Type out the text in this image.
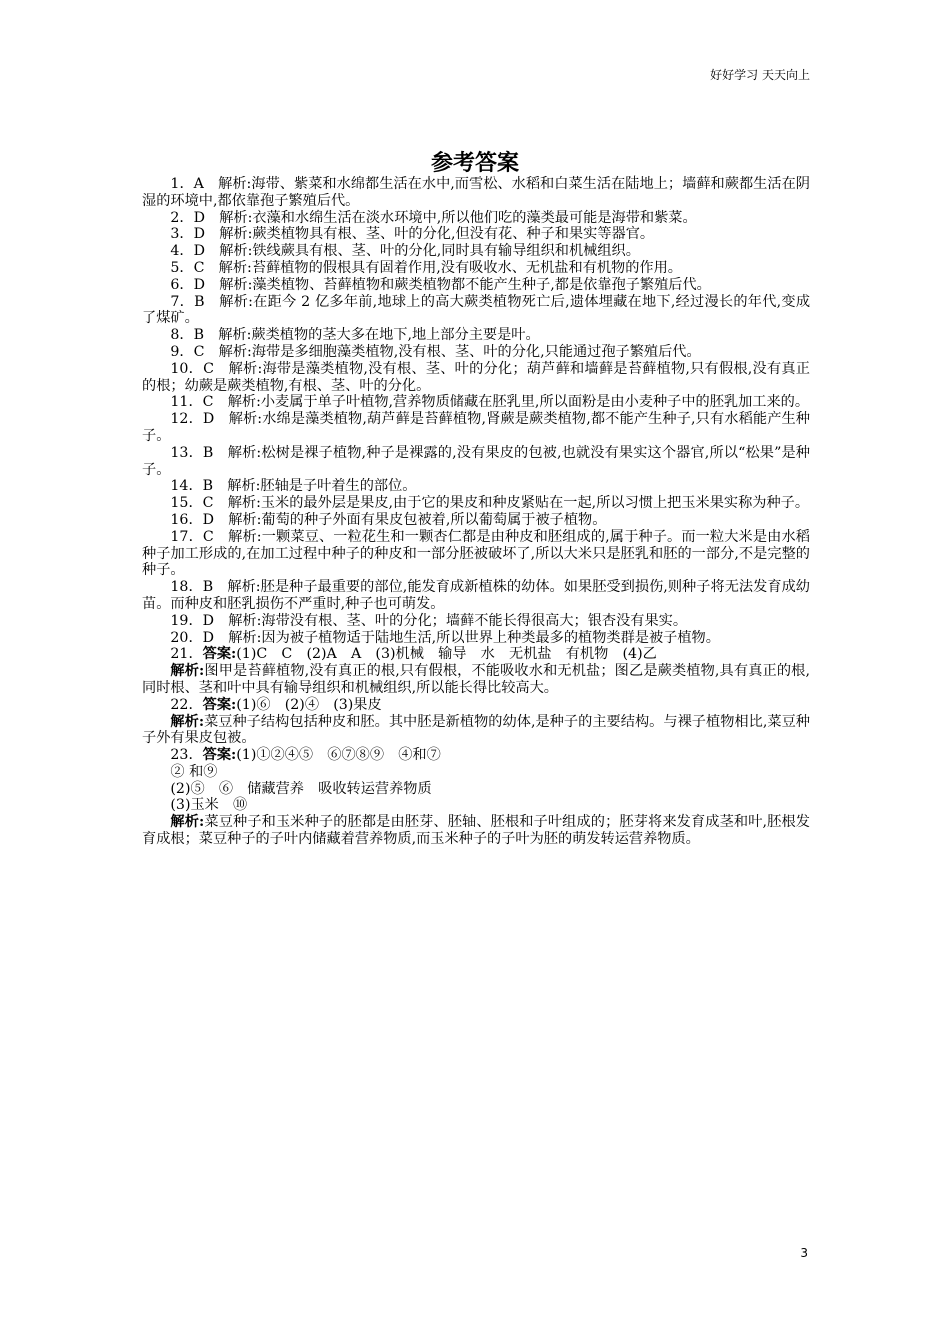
好好学习 天天向上
参考答案

1．A　 解析:海带、紫菜和水绵都生活在水中,而雪松、水稻和白菜生活在陆地上；墙藓和蕨都生活在阴湿的环境中,都依靠孢子繁殖后代。

2．D　 解析:衣藻和水绵生活在淡水环境中,所以他们吃的藻类最可能是海带和紫菜。

3．D　 解析:蕨类植物具有根、茎、叶的分化,但没有花、种子和果实等器官。

4．D　 解析:铁线蕨具有根、茎、叶的分化,同时具有输导组织和机械组织。

5．C　 解析:苔藓植物的假根具有固着作用,没有吸收水、无机盐和有机物的作用。

6．D　 解析:藻类植物、苔藓植物和蕨类植物都不能产生种子,都是依靠孢子繁殖后代。

7．B　 解析:在距今 2 亿多年前,地球上的高大蕨类植物死亡后,遗体埋藏在地下,经过漫长的年代,变成了煤矿。

8．B　 解析:蕨类植物的茎大多在地下,地上部分主要是叶。

9．C　 解析:海带是多细胞藻类植物,没有根、茎、叶的分化,只能通过孢子繁殖后代。

10．C　 解析:海带是藻类植物,没有根、茎、叶的分化；葫芦藓和墙藓是苔藓植物,只有假根,没有真正的根；幼蕨是蕨类植物,有根、茎、叶的分化。

11．C　 解析:小麦属于单子叶植物,营养物质储藏在胚乳里,所以面粉是由小麦种子中的胚乳加工来的。

12．D　 解析:水绵是藻类植物,葫芦藓是苔藓植物,肾蕨是蕨类植物,都不能产生种子,只有水稻能产生种子。

13．B　 解析:松树是裸子植物,种子是裸露的,没有果皮的包被,也就没有果实这个器官,所以“松果”是种子。

14．B　 解析:胚轴是子叶着生的部位。

15．C　 解析:玉米的最外层是果皮,由于它的果皮和种皮紧贴在一起,所以习惯上把玉米果实称为种子。

16．D　 解析:葡萄的种子外面有果皮包被着,所以葡萄属于被子植物。

17．C　 解析:一颗菜豆、一粒花生和一颗杏仁都是由种皮和胚组成的,属于种子。而一粒大米是由水稻种子加工形成的,在加工过程中种子的种皮和一部分胚被破坏了,所以大米只是胚乳和胚的一部分,不是完整的种子。

18．B　 解析:胚是种子最重要的部位,能发育成新植株的幼体。如果胚受到损伤,则种子将无法发育成幼苗。而种皮和胚乳损伤不严重时,种子也可萌发。

19．D　 解析:海带没有根、茎、叶的分化；墙藓不能长得很高大；银杏没有果实。

20．D　 解析:因为被子植物适于陆地生活,所以世界上种类最多的植物类群是被子植物。

21．答案:(1)C　C　(2)A　A　(3)机械　输导　水　无机盐　有机物　(4)乙

解析:图甲是苔藓植物,没有真正的根,只有假根，不能吸收水和无机盐；图乙是蕨类植物,具有真正的根,同时根、茎和叶中具有输导组织和机械组织,所以能长得比较高大。

22．答案:(1)⑥　(2)④　(3)果皮

解析:菜豆种子结构包括种皮和胚。其中胚是新植物的幼体,是种子的主要结构。与裸子植物相比,菜豆种子外有果皮包被。

23．答案:(1)①②④⑤　⑥⑦⑧⑨　④和⑦

② 和⑨

(2)⑤　⑥　储藏营养　吸收转运营养物质

(3)玉米　⑩

解析:菜豆种子和玉米种子的胚都是由胚芽、胚轴、胚根和子叶组成的；胚芽将来发育成茎和叶,胚根发育成根；菜豆种子的子叶内储藏着营养物质,而玉米种子的子叶为胚的萌发转运营养物质。

3
